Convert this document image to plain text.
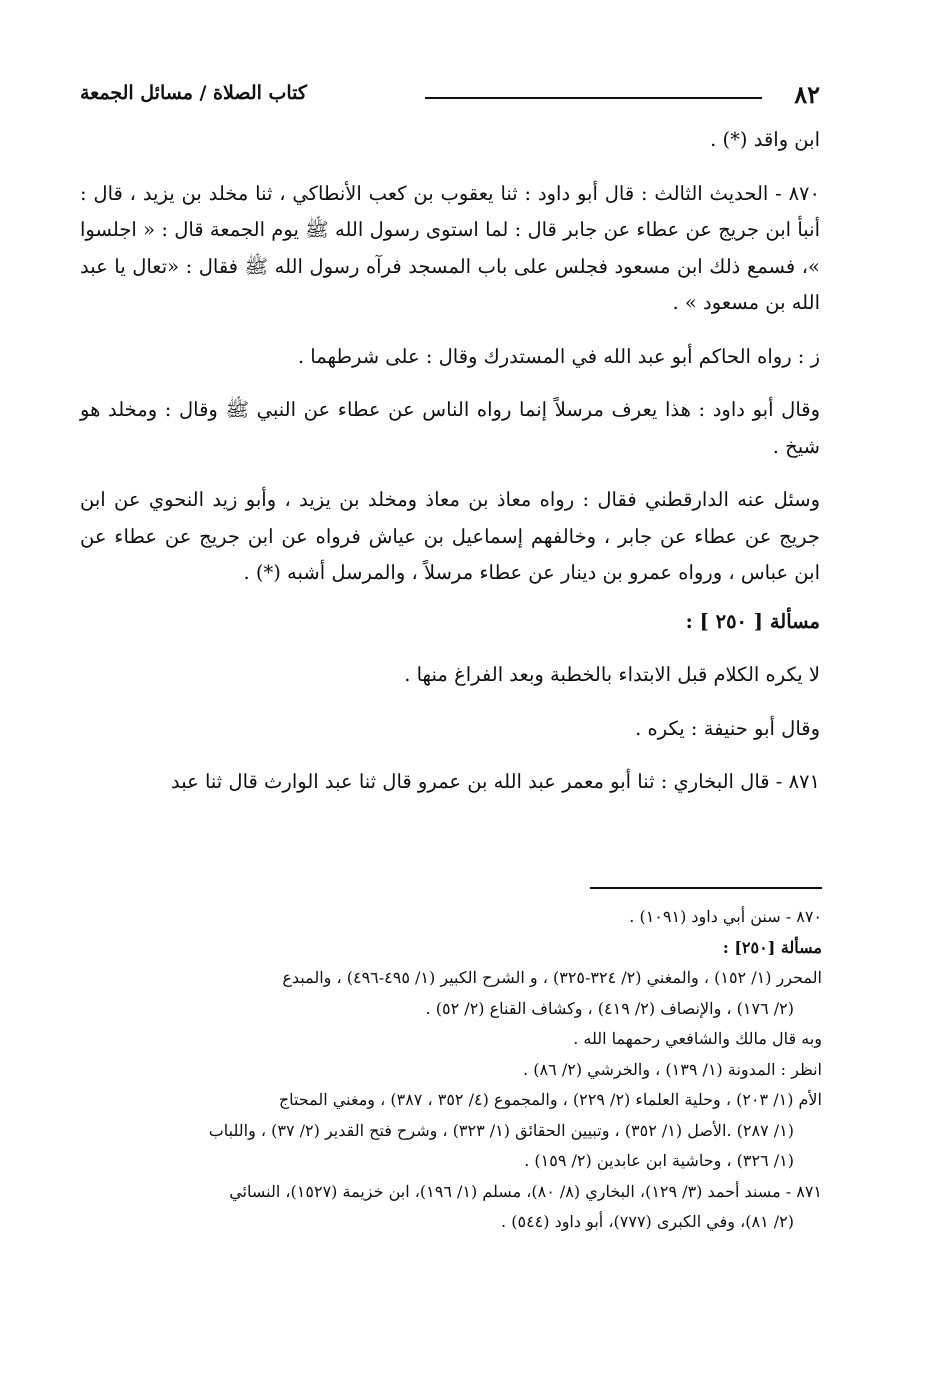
٨٢
كتاب الصلاة / مسائل الجمعة

ابن واقد (*) .

٨٧٠ - الحديث الثالث : قال أبو داود : ثنا يعقوب بن كعب الأنطاكي ، ثنا مخلد بن يزيد ، قال : أنبأ ابن جريج عن عطاء عن جابر قال : لما استوى رسول الله ﷺ يوم الجمعة قال : « اجلسوا »، فسمع ذلك ابن مسعود فجلس على باب المسجد فرآه رسول الله ﷺ فقال : «تعال يا عبد الله بن مسعود » .

ز : رواه الحاكم أبو عبد الله في المستدرك وقال : على شرطهما .

وقال أبو داود : هذا يعرف مرسلاً إنما رواه الناس عن عطاء عن النبي ﷺ وقال : ومخلد هو شيخ .

وسئل عنه الدارقطني فقال : رواه معاذ بن معاذ ومخلد بن يزيد ، وأبو زيد النحوي عن ابن جريج عن عطاء عن جابر ، وخالفهم إسماعيل بن عياش فرواه عن ابن جريج عن عطاء عن ابن عباس ، ورواه عمرو بن دينار عن عطاء مرسلاً ، والمرسل أشبه (*) .

مسألة [ ٢٥٠ ] :

لا يكره الكلام قبل الابتداء بالخطبة وبعد الفراغ منها .

وقال أبو حنيفة : يكره .

٨٧١ - قال البخاري : ثنا أبو معمر عبد الله بن عمرو قال ثنا عبد الوارث قال ثنا عبد

٨٧٠ - سنن أبي داود (١٠٩١) .

مسألة [٢٥٠] :

المحرر (١/ ١٥٢) ، والمغني (٢/ ٣٢٤-٣٢٥) ، و الشرح الكبير (١/ ٤٩٥-٤٩٦) ، والمبدع

(٢/ ١٧٦) ، والإنصاف (٢/ ٤١٩) ، وكشاف القناع (٢/ ٥٢) .

وبه قال مالك والشافعي رحمهما الله .

انظر : المدونة (١/ ١٣٩) ، والخرشي (٢/ ٨٦) .

الأم (١/ ٢٠٣) ، وحلية العلماء (٢/ ٢٢٩) ، والمجموع (٤/ ٣٥٢ ، ٣٨٧) ، ومغني المحتاج

(١/ ٢٨٧) .الأصل (١/ ٣٥٢) ، وتبيين الحقائق (١/ ٣٢٣) ، وشرح فتح القدير (٢/ ٣٧) ، واللباب

(١/ ٣٢٦) ، وحاشية ابن عابدين (٢/ ١٥٩) .

٨٧١ - مسند أحمد (٣/ ١٢٩)، البخاري (٨/ ٨٠)، مسلم (١/ ١٩٦)، ابن خزيمة (١٥٢٧)، النسائي

(٢/ ٨١)، وفي الكبرى (٧٧٧)، أبو داود (٥٤٤) .
